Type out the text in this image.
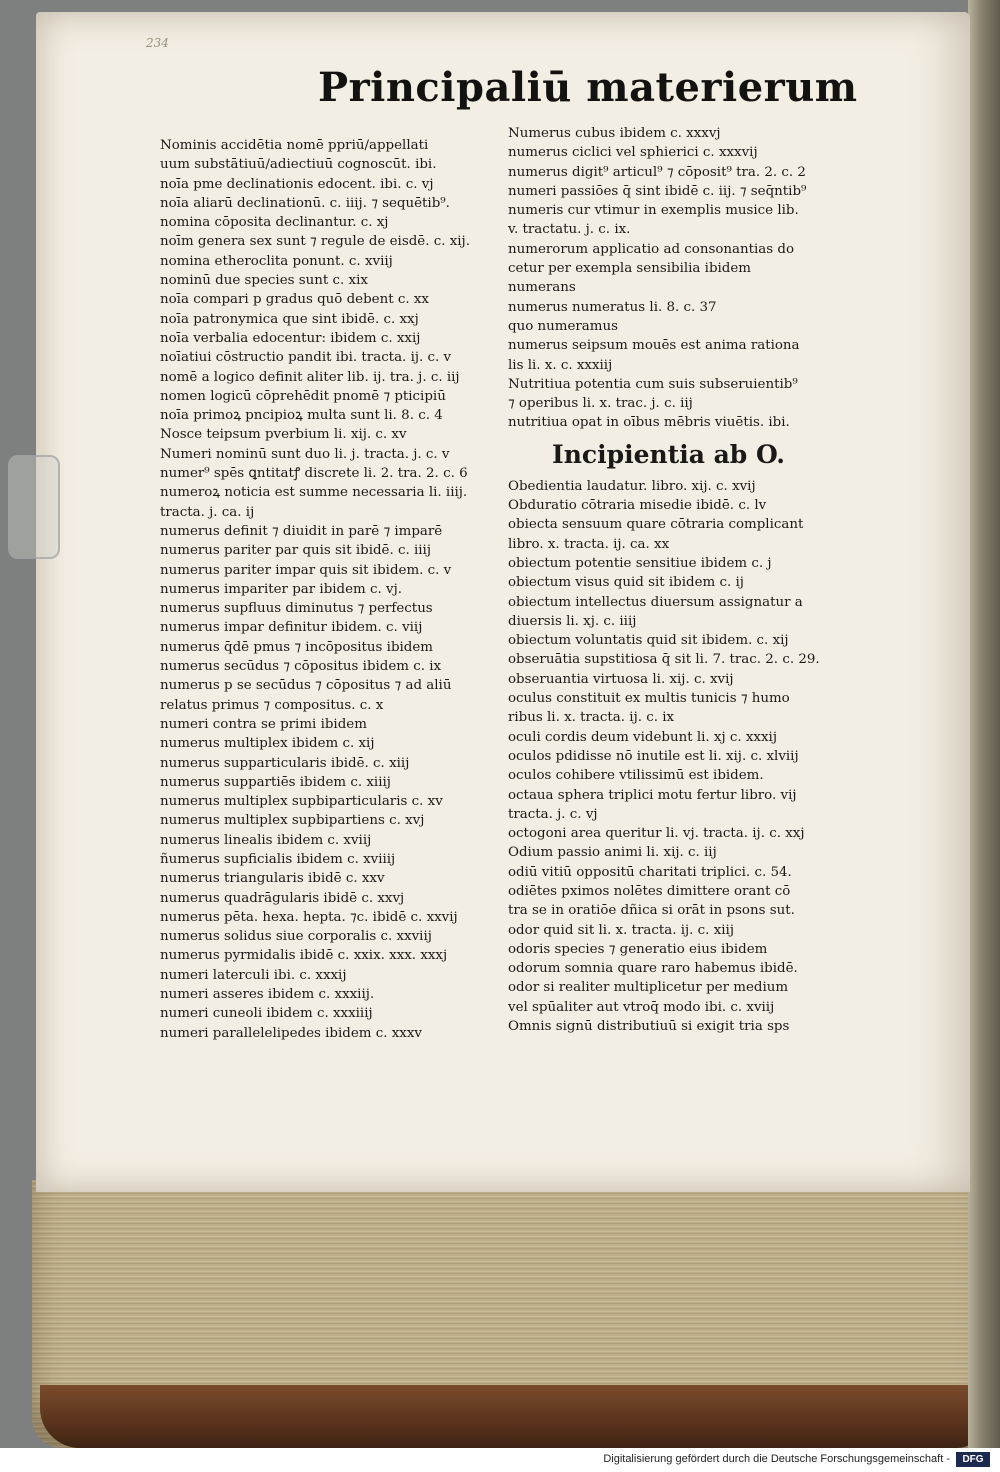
234
Principaliū materierum
Nominis accidētia nomē ppriū/appellati
uum substātiuū/adiectiuū cognoscūt. ibi.
noīa pme declinationis edocent. ibi. c. vj
noīa aliarū declinationū. c. iiij. ⁊ sequētib⁹.
nomina cōposita declinantur. c. xj
noīm genera sex sunt ⁊ regule de eisdē. c. xij.
nomina etheroclita ponunt. c. xviij
nominū due species sunt c. xix
noīa compari p gradus quō debent c. xx
noīa patronymica que sint ibidē. c. xxj
noīa verbalia edocentur: ibidem c. xxij
noīatiui cōstructio pandit ibi. tracta. ij. c. v
nomē a logico definit aliter lib. ij. tra. j. c. iij
nomen logicū cōprehēdit pnomē ⁊ pticipiū
noīa primoꝝ pncipioꝝ multa sunt li. 8. c. 4
Nosce teipsum pverbium li. xij. c. xv
Numeri nominū sunt duo li. j. tracta. j. c. v
numer⁹ spēs ꝗntitatꝭ discrete li. 2. tra. 2. c. 6
numeroꝝ noticia est summe necessaria li. iiij.
tracta. j. ca. ij
numerus definit ⁊ diuidit in parē ⁊ imparē
numerus pariter par quis sit ibidē. c. iiij
numerus pariter impar quis sit ibidem. c. v
numerus impariter par ibidem c. vj.
numerus supfluus diminutus ⁊ perfectus
numerus impar definitur ibidem. c. viij
numerus q̄dē pmus ⁊ incōpositus ibidem
numerus secūdus ⁊ cōpositus ibidem c. ix
numerus p se secūdus ⁊ cōpositus ⁊ ad aliū
relatus primus ⁊ compositus. c. x
numeri contra se primi ibidem
numerus multiplex ibidem c. xij
numerus supparticularis ibidē. c. xiij
numerus suppartiēs ibidem c. xiiij
numerus multiplex supbiparticularis c. xv
numerus multiplex supbipartiens c. xvj
numerus linealis ibidem c. xviij
ñumerus supficialis ibidem c. xviiij
numerus triangularis ibidē c. xxv
numerus quadrāgularis ibidē c. xxvj
numerus pēta. hexa. hepta. ⁊c. ibidē c. xxvij
numerus solidus siue corporalis c. xxviij
numerus pyrmidalis ibidē c. xxix. xxx. xxxj
numeri laterculi ibi. c. xxxij
numeri asseres ibidem c. xxxiij.
numeri cuneoli ibidem c. xxxiiij
numeri parallelelipedes ibidem c. xxxv
Numerus cubus ibidem c. xxxvj
numerus ciclici vel sphierici c. xxxvij
numerus digit⁹ articul⁹ ⁊ cōposit⁹ tra. 2. c. 2
numeri passiōes q̄ sint ibidē c. iij. ⁊ seq̄ntib⁹
numeris cur vtimur in exemplis musice lib.
v. tractatu. j. c. ix.
numerorum applicatio ad consonantias do
cetur per exempla sensibilia ibidem
numerans
numerus numeratus li. 8. c. 37
quo numeramus
numerus seipsum mouēs est anima rationa
lis li. x. c. xxxiij
Nutritiua potentia cum suis subseruientib⁹
⁊ operibus li. x. trac. j. c. iij
nutritiua opat in oībus mēbris viuētis. ibi.
Incipientia ab O.
Obedientia laudatur. libro. xij. c. xvij
Obduratio cōtraria misedie ibidē. c. lv
obiecta sensuum quare cōtraria complicant
libro. x. tracta. ij. ca. xx
obiectum potentie sensitiue ibidem c. j
obiectum visus quid sit ibidem c. ij
obiectum intellectus diuersum assignatur a
diuersis li. xj. c. iiij
obiectum voluntatis quid sit ibidem. c. xij
obseruātia supstitiosa q̄ sit li. 7. trac. 2. c. 29.
obseruantia virtuosa li. xij. c. xvij
oculus constituit ex multis tunicis ⁊ humo
ribus li. x. tracta. ij. c. ix
oculi cordis deum videbunt li. xj c. xxxij
oculos pdidisse nō inutile est li. xij. c. xlviij
oculos cohibere vtilissimū est ibidem.
octaua sphera triplici motu fertur libro. vij
tracta. j. c. vj
octogoni area queritur li. vj. tracta. ij. c. xxj
Odium passio animi li. xij. c. iij
odiū vitiū oppositū charitati triplici. c. 54.
odiētes pximos nolētes dimittere orant cō
tra se in oratiōe dñica si orāt in psons sut.
odor quid sit li. x. tracta. ij. c. xiij
odoris species ⁊ generatio eius ibidem
odorum somnia quare raro habemus ibidē.
odor si realiter multiplicetur per medium
vel spūaliter aut vtroq̄ modo ibi. c. xviij
Omnis signū distributiuū si exigit tria sps
Digitalisierung gefördert durch die Deutsche Forschungsgemeinschaft -	DFG
